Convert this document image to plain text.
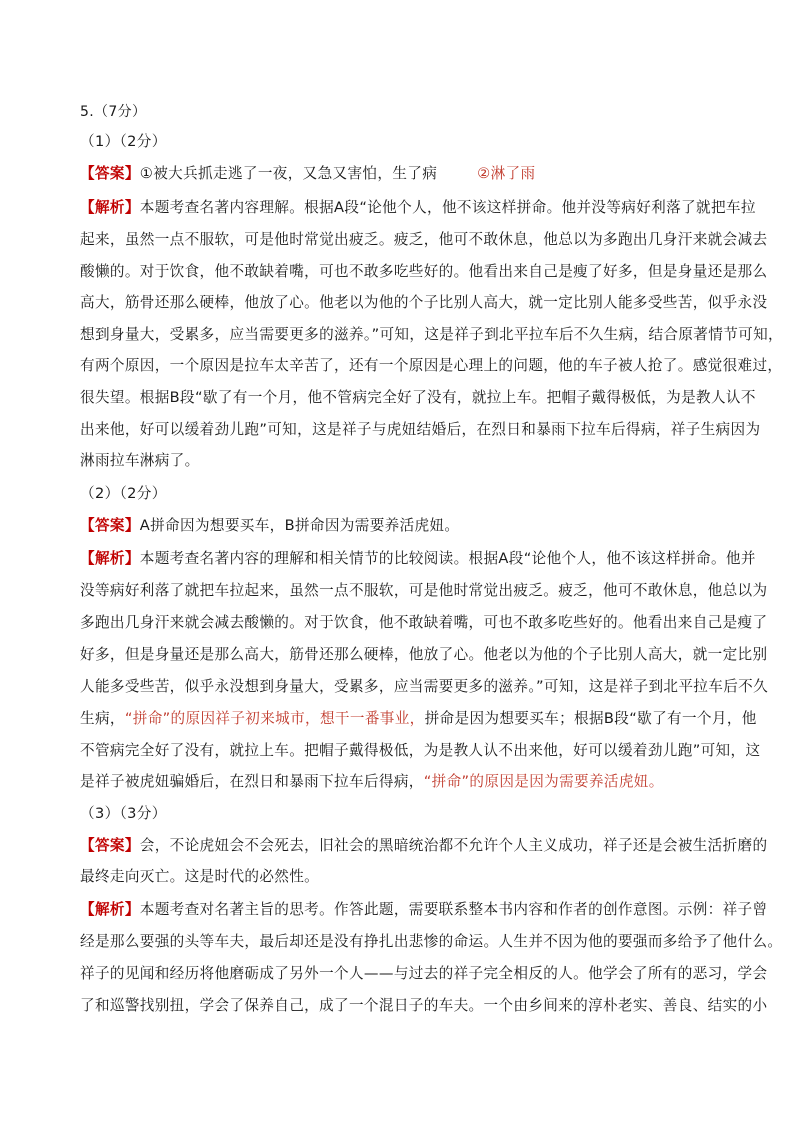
5.（7分）
（1）（2分）
【答案】①被大兵抓走逃了一夜，又急又害怕，生了病	②淋了雨
【解析】本题考查名著内容理解。根据A段“论他个人，他不该这样拼命。他并没等病好利落了就把车拉
起来，虽然一点不服软，可是他时常觉出疲乏。疲乏，他可不敢休息，他总以为多跑出几身汗来就会减去
酸懒的。对于饮食，他不敢缺着嘴，可也不敢多吃些好的。他看出来自己是瘦了好多，但是身量还是那么
高大，筋骨还那么硬棒，他放了心。他老以为他的个子比别人高大，就一定比别人能多受些苦，似乎永没
想到身量大，受累多，应当需要更多的滋养。”可知，这是祥子到北平拉车后不久生病，结合原著情节可知，
有两个原因，一个原因是拉车太辛苦了，还有一个原因是心理上的问题，他的车子被人抢了。感觉很难过，
很失望。根据B段“歇了有一个月，他不管病完全好了没有，就拉上车。把帽子戴得极低，为是教人认不
出来他，好可以缓着劲儿跑”可知，这是祥子与虎妞结婚后，在烈日和暴雨下拉车后得病，祥子生病因为
淋雨拉车淋病了。
（2）（2分）
【答案】A拼命因为想要买车，B拼命因为需要养活虎妞。
【解析】本题考查名著内容的理解和相关情节的比较阅读。根据A段“论他个人，他不该这样拼命。他并
没等病好利落了就把车拉起来，虽然一点不服软，可是他时常觉出疲乏。疲乏，他可不敢休息，他总以为
多跑出几身汗来就会减去酸懒的。对于饮食，他不敢缺着嘴，可也不敢多吃些好的。他看出来自己是瘦了
好多，但是身量还是那么高大，筋骨还那么硬棒，他放了心。他老以为他的个子比别人高大，就一定比别
人能多受些苦，似乎永没想到身量大，受累多，应当需要更多的滋养。”可知，这是祥子到北平拉车后不久
生病，“拼命”的原因祥子初来城市，想干一番事业，拼命是因为想要买车；根据B段“歇了有一个月，他
不管病完全好了没有，就拉上车。把帽子戴得极低，为是教人认不出来他，好可以缓着劲儿跑”可知，这
是祥子被虎妞骗婚后，在烈日和暴雨下拉车后得病，“拼命”的原因是因为需要养活虎妞。
（3）（3分）
【答案】会，不论虎妞会不会死去，旧社会的黑暗统治都不允许个人主义成功，祥子还是会被生活折磨的
最终走向灭亡。这是时代的必然性。
【解析】本题考查对名著主旨的思考。作答此题，需要联系整本书内容和作者的创作意图。示例：祥子曾
经是那么要强的头等车夫，最后却还是没有挣扎出悲惨的命运。人生并不因为他的要强而多给予了他什么。
祥子的见闻和经历将他磨砺成了另外一个人——与过去的祥子完全相反的人。他学会了所有的恶习，学会
了和巡警找别扭，学会了保养自己，成了一个混日子的车夫。一个由乡间来的淳朴老实、善良、结实的小
